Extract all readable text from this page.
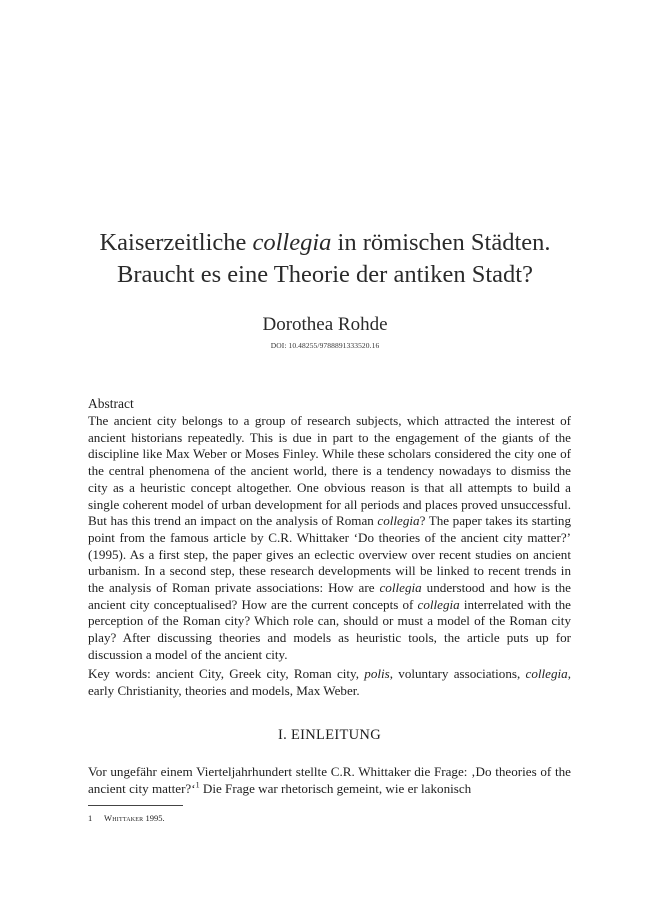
Kaiserzeitliche collegia in römischen Städten.
Braucht es eine Theorie der antiken Stadt?
Dorothea Rohde
DOI: 10.48255/9788891333520.16
Abstract
The ancient city belongs to a group of research subjects, which attracted the interest of ancient historians repeatedly. This is due in part to the engagement of the giants of the discipline like Max Weber or Moses Finley. While these scholars considered the city one of the central phenomena of the ancient world, there is a tendency nowadays to dismiss the city as a heuristic concept altogether. One obvious reason is that all attempts to build a single coherent model of urban development for all periods and places proved unsuccessful. But has this trend an impact on the analysis of Roman collegia? The paper takes its starting point from the famous article by C.R. Whittaker ‘Do theories of the ancient city matter?’ (1995). As a first step, the paper gives an eclectic overview over recent studies on ancient urbanism. In a second step, these research developments will be linked to recent trends in the analysis of Roman private associations: How are collegia understood and how is the ancient city conceptualised? How are the current concepts of collegia interrelated with the perception of the Roman city? Which role can, should or must a model of the Roman city play? After discussing theories and models as heuristic tools, the article puts up for discussion a model of the ancient city.
Key words: ancient City, Greek city, Roman city, polis, voluntary associations, collegia, early Christianity, theories and models, Max Weber.
I. EINLEITUNG
Vor ungefähr einem Vierteljahrhundert stellte C.R. Whittaker die Frage: ‚Do theories of the ancient city matter?‘$^1$ Die Frage war rhetorisch gemeint, wie er lakonisch
1 Whittaker 1995.
